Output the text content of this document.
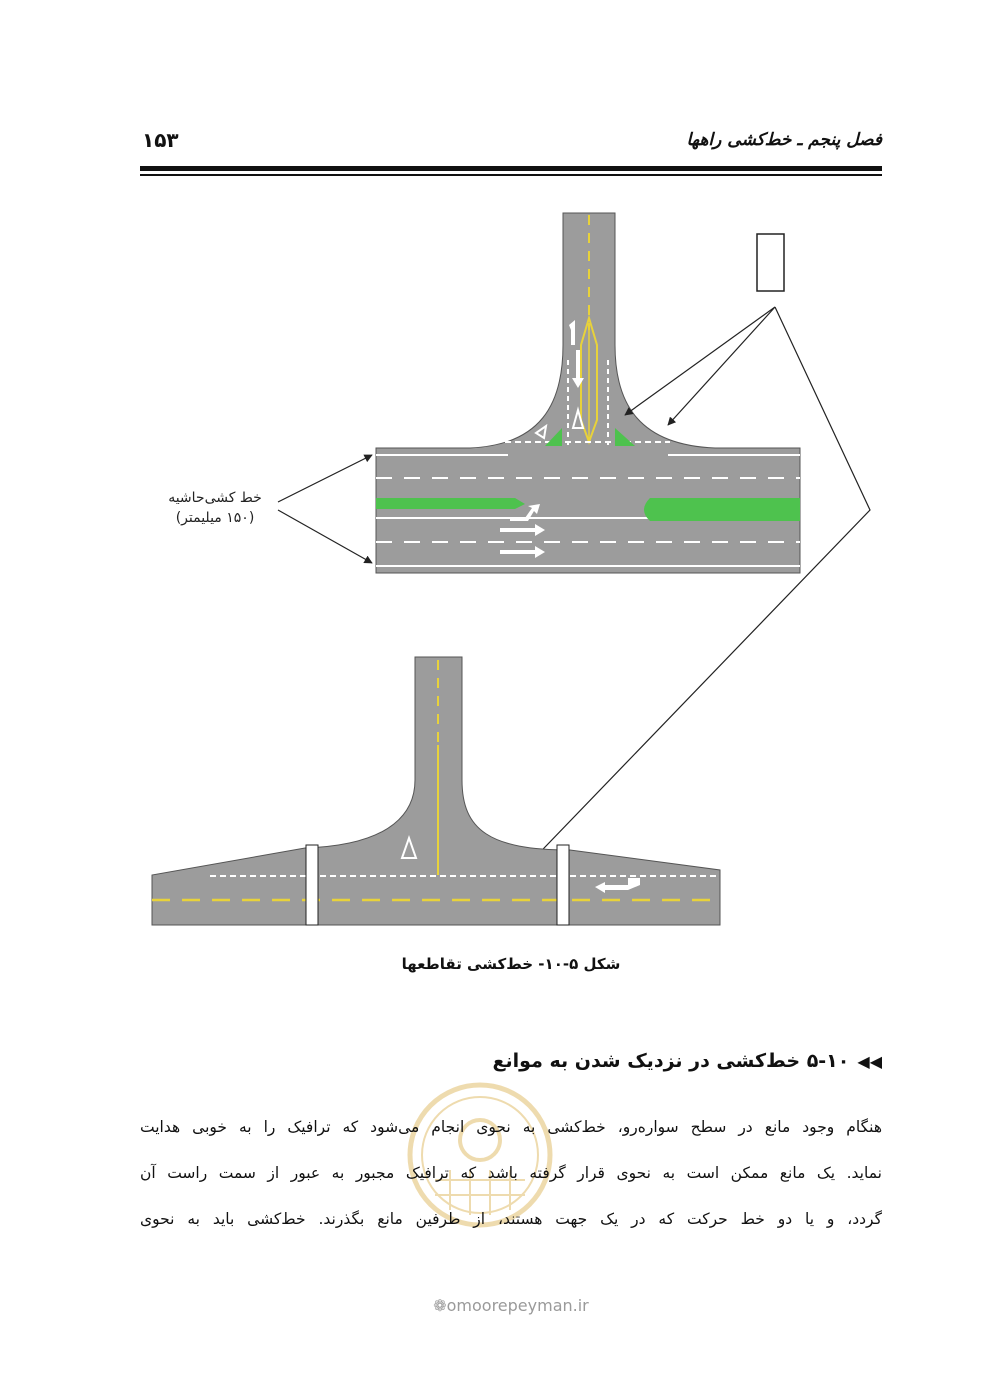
فصل پنجم ـ خط‌کشی راهها
۱۵۳
خط کشی‌حاشیه
(۱۵۰ میلیمتر)
شکل ۵-۱۰- خط‌کشی تقاطعها
◀◀۵-۱۰ خط‌کشی در نزدیک شدن به موانع
هنگام وجود مانع در سطح سواره‌رو، خط‌کشی به نحوی انجام می‌شود که ترافیک را به خوبی هدایت
نماید. یک مانع ممکن است به نحوی قرار گرفته باشد که ترافیک مجبور به عبور از سمت راست آن
گردد، و یا دو خط حرکت که در یک جهت هستند، از طرفین مانع بگذرند. خط‌کشی باید به نحوی
❁omoorepeyman.ir
